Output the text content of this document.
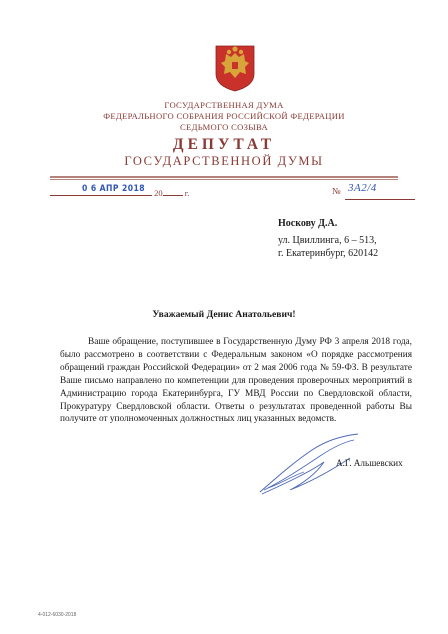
ГОСУДАРСТВЕННАЯ ДУМА
ФЕДЕРАЛЬНОГО СОБРАНИЯ РОССИЙСКОЙ ФЕДЕРАЦИИ
СЕДЬМОГО СОЗЫВА
ДЕПУТАТ
ГОСУДАРСТВЕННОЙ ДУМЫ
20	г.
0 6 АПР 2018	№ 3А2/4
Носкову Д.А.
ул. Цвиллинга, 6 – 513,
г. Екатеринбург, 620142
Уважаемый Денис Анатольевич!
Ваше обращение, поступившее в Государственную Думу РФ 3 апреля 2018 года, было рассмотрено в соответствии с Федеральным законом «О порядке рассмотрения обращений граждан Российской Федерации» от 2 мая 2006 года № 59-ФЗ. В результате Ваше письмо направлено по компетенции для проведения проверочных мероприятий в Администрацию города Екатеринбурга, ГУ МВД России по Свердловской области, Прокуратуру Свердловской области. Ответы о результатах проведенной работы Вы получите от уполномоченных должностных лиц указанных ведомств.
А.Г. Альшевских
4-012-6030-2018
